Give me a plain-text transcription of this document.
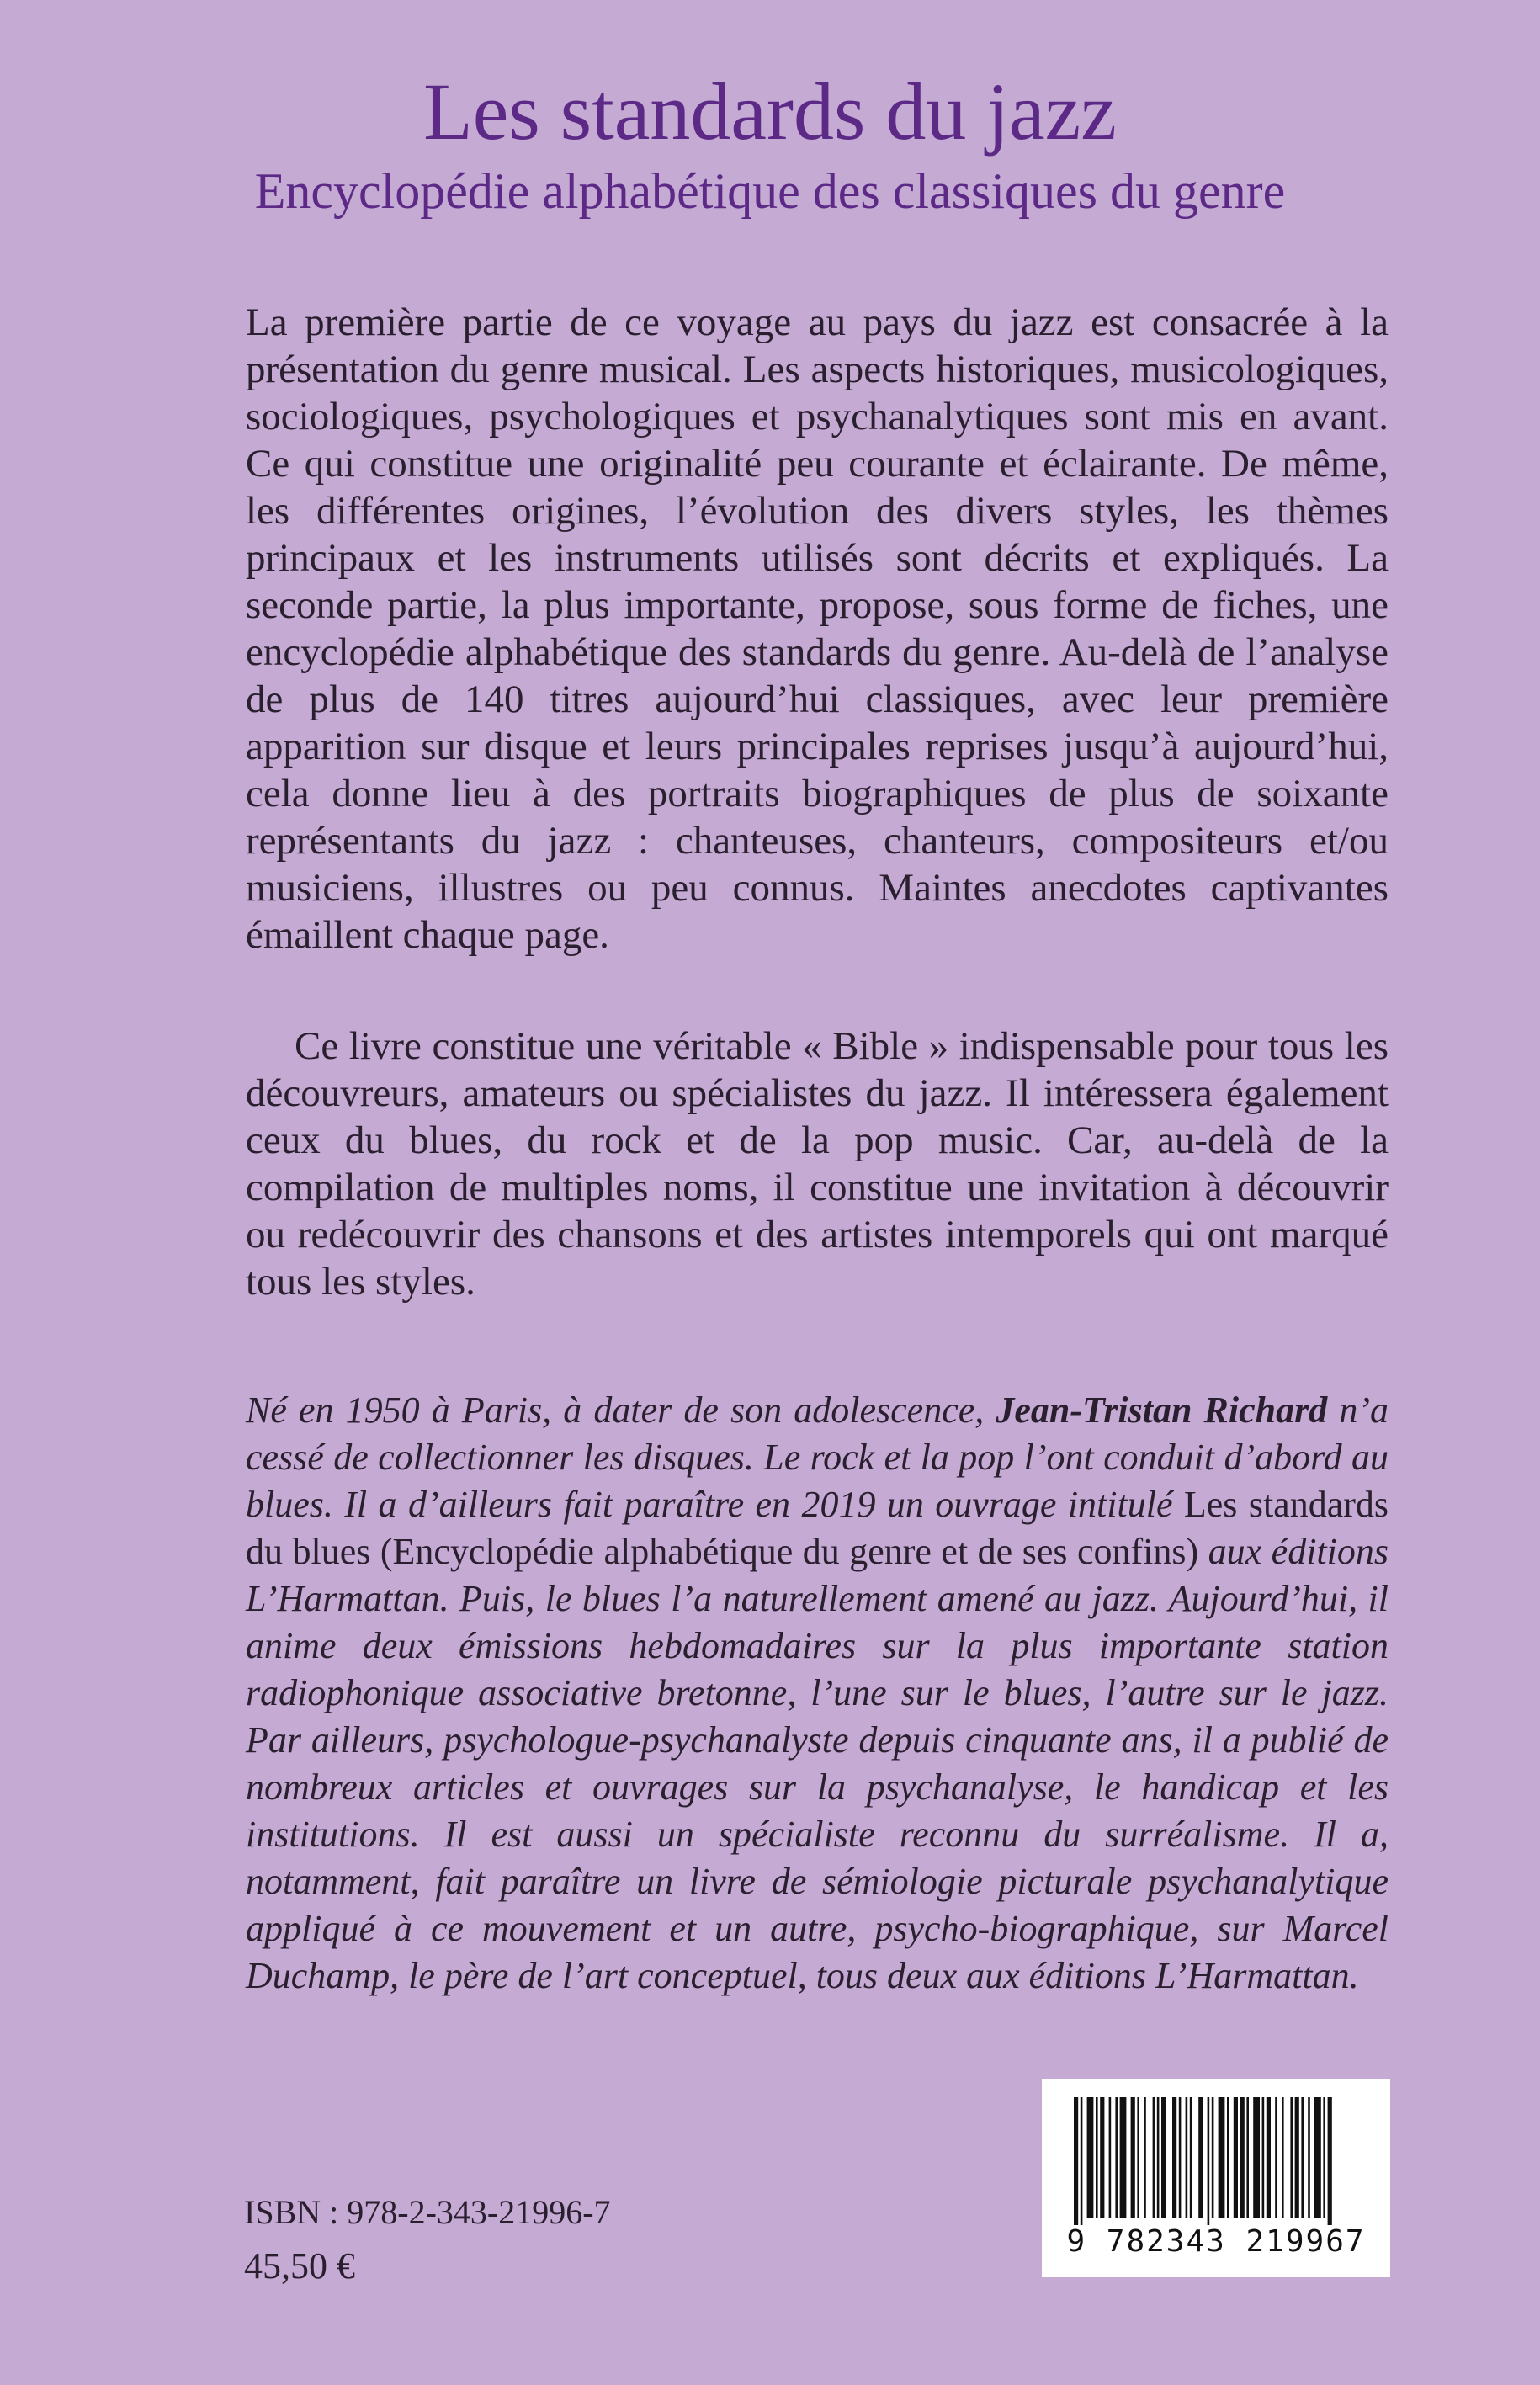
Les standards du jazz
Encyclopédie alphabétique des classiques du genre

La première partie de ce voyage au pays du jazz est consacrée à la présentation du genre musical. Les aspects historiques, musicologiques, sociologiques, psychologiques et psychanalytiques sont mis en avant. Ce qui constitue une originalité peu courante et éclairante. De même, les différentes origines, l’évolution des divers styles, les thèmes principaux et les instruments utilisés sont décrits et expliqués. La seconde partie, la plus importante, propose, sous forme de fiches, une encyclopédie alphabétique des standards du genre. Au-delà de l’analyse de plus de 140 titres aujourd’hui classiques, avec leur première apparition sur disque et leurs principales reprises jusqu’à aujourd’hui, cela donne lieu à des portraits biographiques de plus de soixante représentants du jazz : chanteuses, chanteurs, compositeurs et/ou musiciens, illustres ou peu connus. Maintes anecdotes captivantes émaillent chaque page.

Ce livre constitue une véritable « Bible » indispensable pour tous les découvreurs, amateurs ou spécialistes du jazz. Il intéressera également ceux du blues, du rock et de la pop music. Car, au-delà de la compilation de multiples noms, il constitue une invitation à découvrir ou redécouvrir des chansons et des artistes intemporels qui ont marqué tous les styles.

Né en 1950 à Paris, à dater de son adolescence, Jean-Tristan Richard n’a cessé de collectionner les disques. Le rock et la pop l’ont conduit d’abord au blues. Il a d’ailleurs fait paraître en 2019 un ouvrage intitulé Les standards du blues (Encyclopédie alphabétique du genre et de ses confins) aux éditions L’Harmattan. Puis, le blues l’a naturellement amené au jazz. Aujourd’hui, il anime deux émissions hebdomadaires sur la plus importante station radiophonique associative bretonne, l’une sur le blues, l’autre sur le jazz. Par ailleurs, psychologue-psychanalyste depuis cinquante ans, il a publié de nombreux articles et ouvrages sur la psychanalyse, le handicap et les institutions. Il est aussi un spécialiste reconnu du surréalisme. Il a, notamment, fait paraître un livre de sémiologie picturale psychanalytique appliqué à ce mouvement et un autre, psycho-biographique, sur Marcel Duchamp, le père de l’art conceptuel, tous deux aux éditions L’Harmattan.

ISBN : 978-2-343-21996-7
45,50 €
9 782343 219967
